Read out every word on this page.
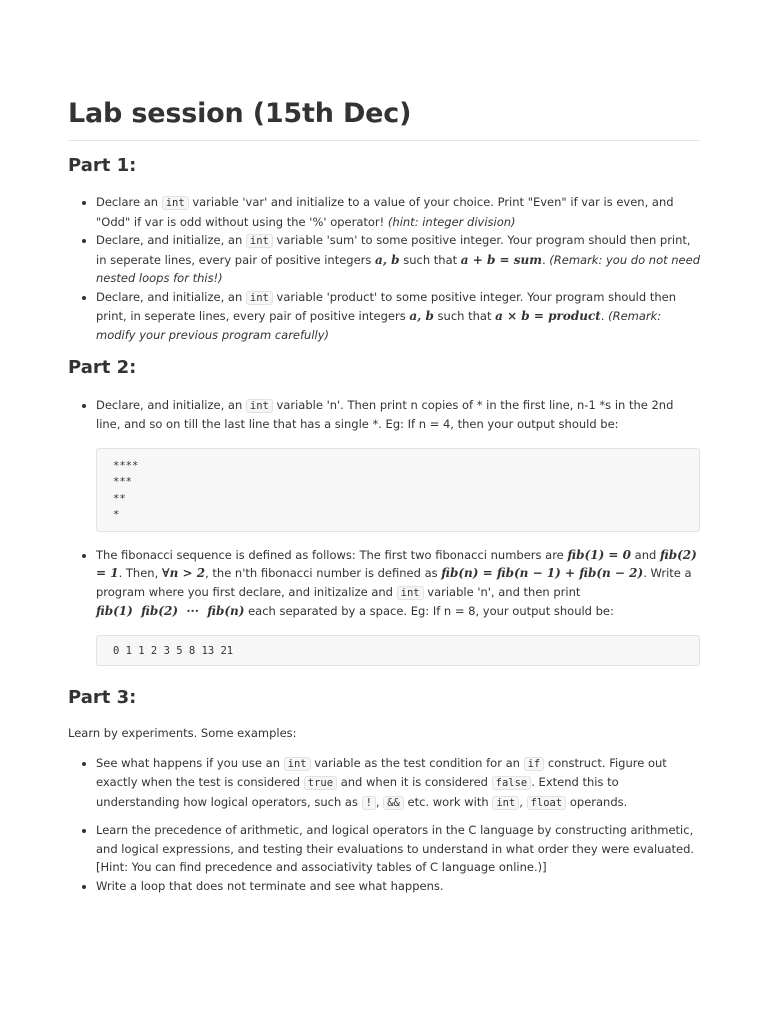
Lab session (15th Dec)
Part 1:
• Declare an int variable 'var' and initialize to a value of your choice. Print "Even" if var is even, and "Odd" if var is odd without using the '%' operator! (hint: integer division)
• Declare, and initialize, an int variable 'sum' to some positive integer. Your program should then print, in seperate lines, every pair of positive integers a, b such that a + b = sum. (Remark: you do not need nested loops for this!)
• Declare, and initialize, an int variable 'product' to some positive integer. Your program should then print, in seperate lines, every pair of positive integers a, b such that a × b = product. (Remark: modify your previous program carefully)
Part 2:
• Declare, and initialize, an int variable 'n'. Then print n copies of * in the first line, n-1 *s in the 2nd line, and so on till the last line that has a single *. Eg: If n = 4, then your output should be:
****
***
**
*
• The fibonacci sequence is defined as follows: The first two fibonacci numbers are fib(1) = 0 and fib(2) = 1. Then, ∀n > 2, the n'th fibonacci number is defined as fib(n) = fib(n − 1) + fib(n − 2). Write a program where you first declare, and initizalize and int variable 'n', and then print fib(1)  fib(2)  ···  fib(n) each separated by a space. Eg: If n = 8, your output should be:
0 1 1 2 3 5 8 13 21
Part 3:

Learn by experiments. Some examples:

• See what happens if you use an int variable as the test condition for an if construct. Figure out exactly when the test is considered true and when it is considered false . Extend this to understanding how logical operators, such as ! , && etc. work with int , float operands.
• Learn the precedence of arithmetic, and logical operators in the C language by constructing arithmetic, and logical expressions, and testing their evaluations to understand in what order they were evaluated. [Hint: You can find precedence and associativity tables of C language online.)]
• Write a loop that does not terminate and see what happens.
